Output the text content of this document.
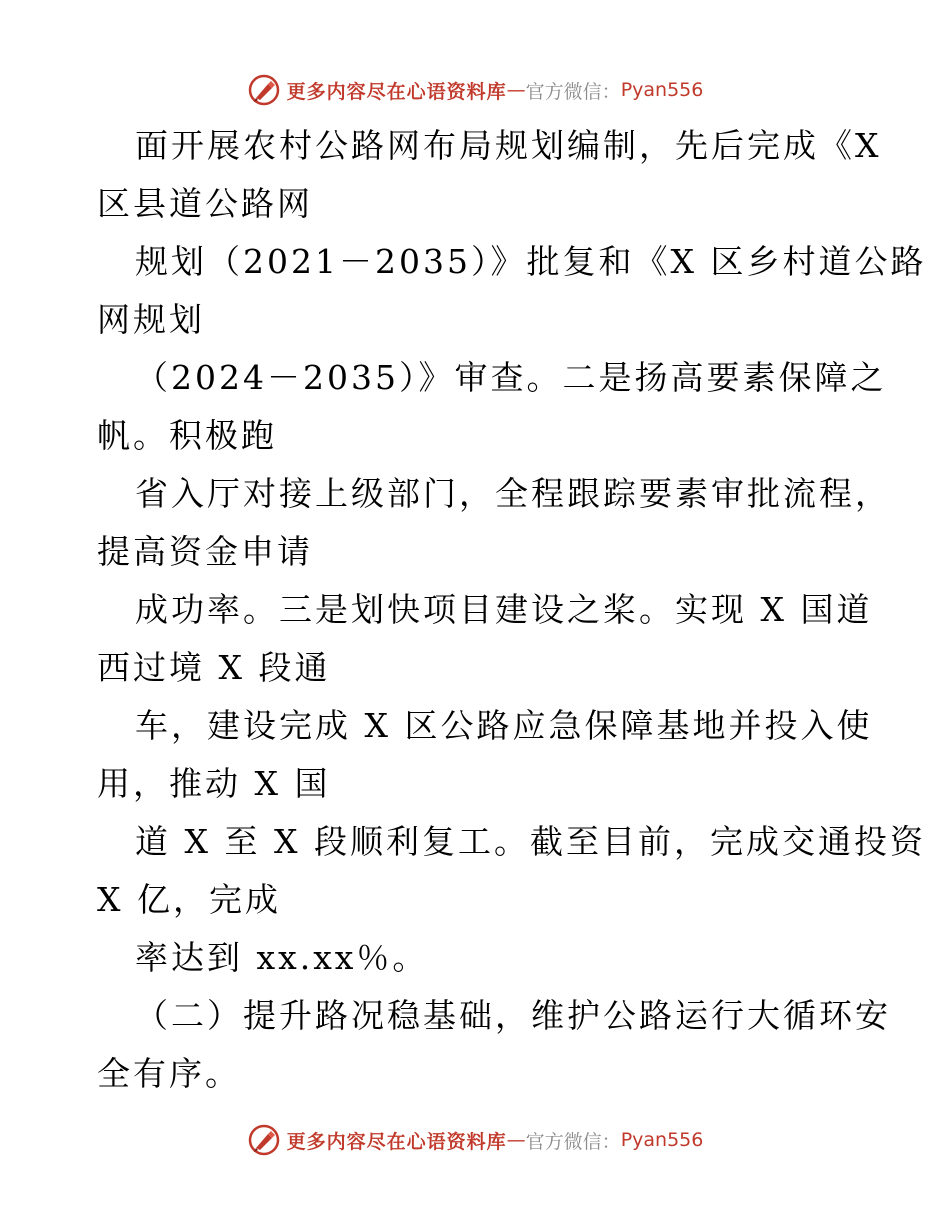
更多内容尽在心语资料库 — 官方微信： Pyan556
面开展农村公路网布局规划编制，先后完成《X
区县道公路网
规划（2021－2035）》批复和《X 区乡村道公路
网规划
（2024－2035）》审查。二是扬高要素保障之
帆。积极跑
省入厅对接上级部门，全程跟踪要素审批流程，
提高资金申请
成功率。三是划快项目建设之桨。实现 X 国道
西过境 X 段通
车，建设完成 X 区公路应急保障基地并投入使
用，推动 X 国
道 X 至 X 段顺利复工。截至目前，完成交通投资
X 亿，完成
率达到 xx.xx％。
（二）提升路况稳基础，维护公路运行大循环安
全有序。
更多内容尽在心语资料库 — 官方微信： Pyan556
